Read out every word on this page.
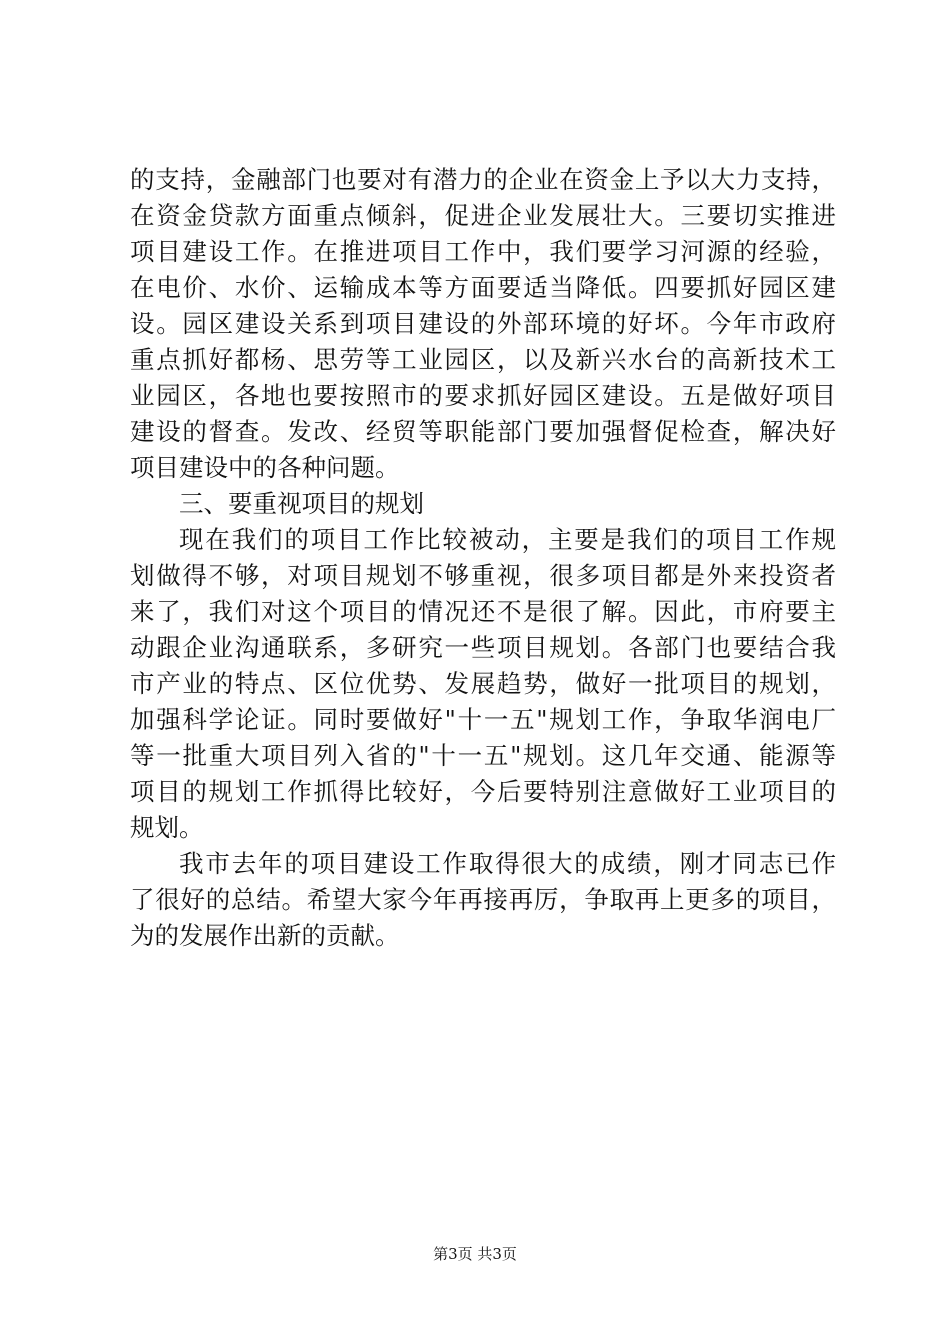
的支持，金融部门也要对有潜力的企业在资金上予以大力支持，
在资金贷款方面重点倾斜，促进企业发展壮大。三要切实推进
项目建设工作。在推进项目工作中，我们要学习河源的经验，
在电价、水价、运输成本等方面要适当降低。四要抓好园区建
设。园区建设关系到项目建设的外部环境的好坏。今年市政府
重点抓好都杨、思劳等工业园区，以及新兴水台的高新技术工
业园区，各地也要按照市的要求抓好园区建设。五是做好项目
建设的督查。发改、经贸等职能部门要加强督促检查，解决好
项目建设中的各种问题。
三、要重视项目的规划
现在我们的项目工作比较被动，主要是我们的项目工作规
划做得不够，对项目规划不够重视，很多项目都是外来投资者
来了，我们对这个项目的情况还不是很了解。因此，市府要主
动跟企业沟通联系，多研究一些项目规划。各部门也要结合我
市产业的特点、区位优势、发展趋势，做好一批项目的规划，
加强科学论证。同时要做好"十一五"规划工作，争取华润电厂
等一批重大项目列入省的"十一五"规划。这几年交通、能源等
项目的规划工作抓得比较好，今后要特别注意做好工业项目的
规划。
我市去年的项目建设工作取得很大的成绩，刚才同志已作
了很好的总结。希望大家今年再接再厉，争取再上更多的项目，
为的发展作出新的贡献。
第3页 共3页
